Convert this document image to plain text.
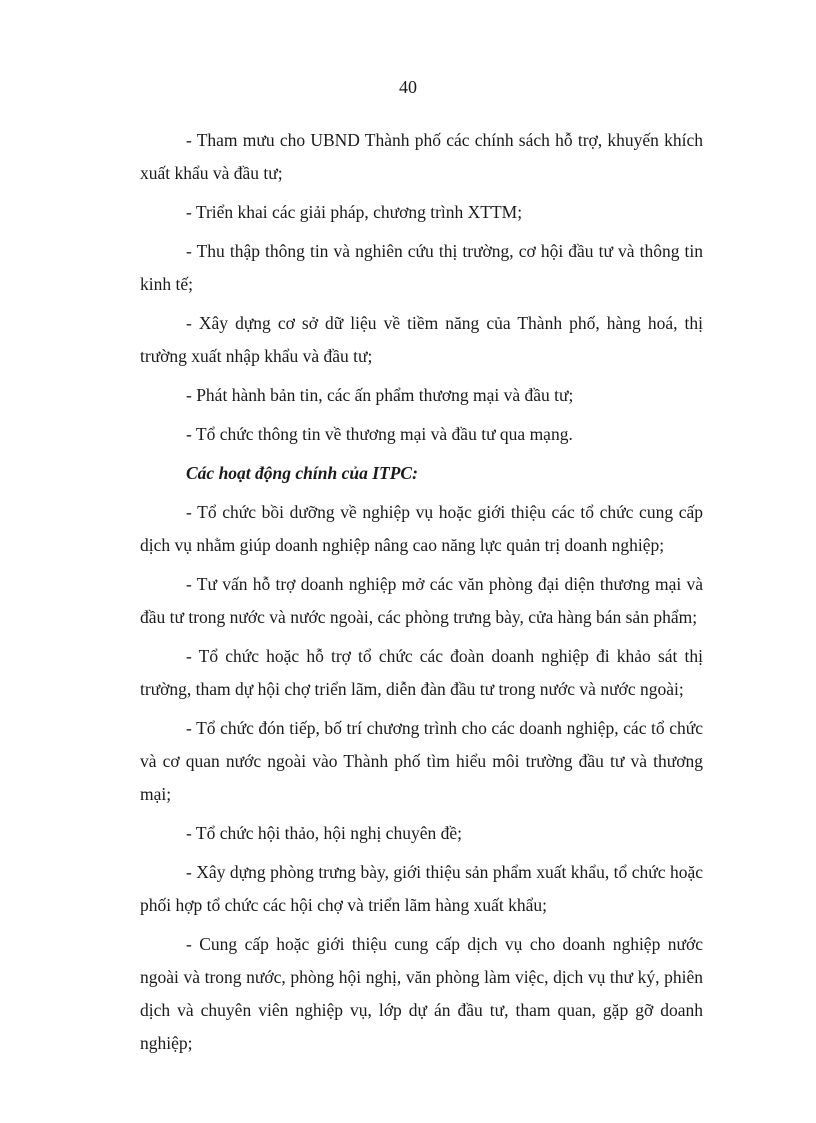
40

- Tham mưu cho UBND Thành phố các chính sách hỗ trợ, khuyến khích xuất khẩu và đầu tư;

- Triển khai các giải pháp, chương trình XTTM;

- Thu thập thông tin và nghiên cứu thị trường, cơ hội đầu tư và thông tin kinh tế;

- Xây dựng cơ sở dữ liệu về tiềm năng của Thành phố, hàng hoá, thị trường xuất nhập khẩu và đầu tư;

- Phát hành bản tin, các ấn phẩm thương mại và đầu tư;

- Tổ chức thông tin về thương mại và đầu tư qua mạng.

Các hoạt động chính của ITPC:

- Tổ chức bồi dưỡng về nghiệp vụ hoặc giới thiệu các tổ chức cung cấp dịch vụ nhằm giúp doanh nghiệp nâng cao năng lực quản trị doanh nghiệp;

- Tư vấn hỗ trợ doanh nghiệp mở các văn phòng đại diện thương mại và đầu tư trong nước và nước ngoài, các phòng trưng bày, cửa hàng bán sản phẩm;

- Tổ chức hoặc hỗ trợ tổ chức các đoàn doanh nghiệp đi khảo sát thị trường, tham dự hội chợ triển lãm, diễn đàn đầu tư trong nước và nước ngoài;

- Tổ chức đón tiếp, bố trí chương trình cho các doanh nghiệp, các tổ chức và cơ quan nước ngoài vào Thành phố tìm hiểu môi trường đầu tư và thương mại;

- Tổ chức hội thảo, hội nghị chuyên đề;

- Xây dựng phòng trưng bày, giới thiệu sản phẩm xuất khẩu, tổ chức hoặc phối hợp tổ chức các hội chợ và triển lãm hàng xuất khẩu;

- Cung cấp hoặc giới thiệu cung cấp dịch vụ cho doanh nghiệp nước ngoài và trong nước, phòng hội nghị, văn phòng làm việc, dịch vụ thư ký, phiên dịch và chuyên viên nghiệp vụ, lớp dự án đầu tư, tham quan, gặp gỡ doanh nghiệp;
